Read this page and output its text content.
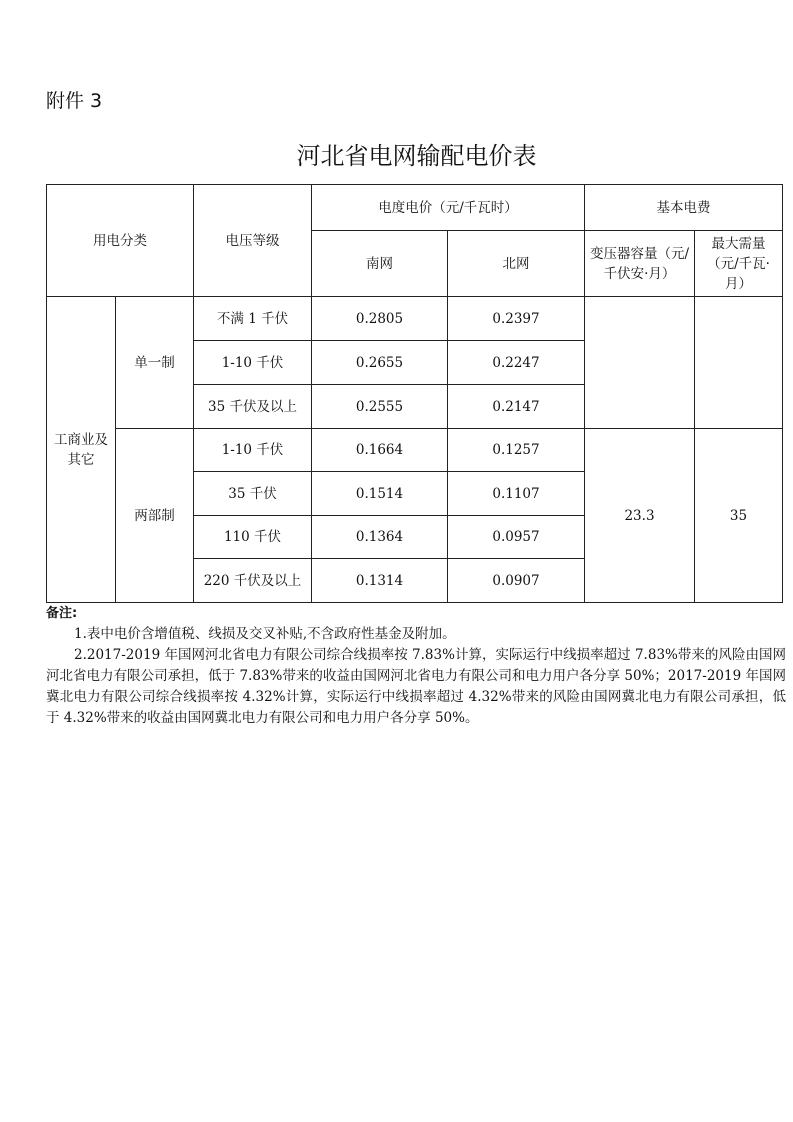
附件 3
河北省电网输配电价表
用电分类		电压等级	电度电价（元/千瓦时）		基本电费	
			南网	北网	变压器容量（元/千伏安·月）	最大需量（元/千瓦·月）
工商业及其它	单一制	不满 1 千伏	0.2805	0.2397		
		1-10 千伏	0.2655	0.2247		
		35 千伏及以上	0.2555	0.2147		
	两部制	1-10 千伏	0.1664	0.1257	23.3	35
		35 千伏	0.1514	0.1107		
		110 千伏	0.1364	0.0957		
		220 千伏及以上	0.1314	0.0907		
备注:

1.表中电价含增值税、线损及交叉补贴,不含政府性基金及附加。

2.2017-2019 年国网河北省电力有限公司综合线损率按 7.83%计算，实际运行中线损率超过 7.83%带来的风险由国网河北省电力有限公司承担，低于 7.83%带来的收益由国网河北省电力有限公司和电力用户各分享 50%；2017-2019 年国网冀北电力有限公司综合线损率按 4.32%计算，实际运行中线损率超过 4.32%带来的风险由国网冀北电力有限公司承担，低于 4.32%带来的收益由国网冀北电力有限公司和电力用户各分享 50%。
